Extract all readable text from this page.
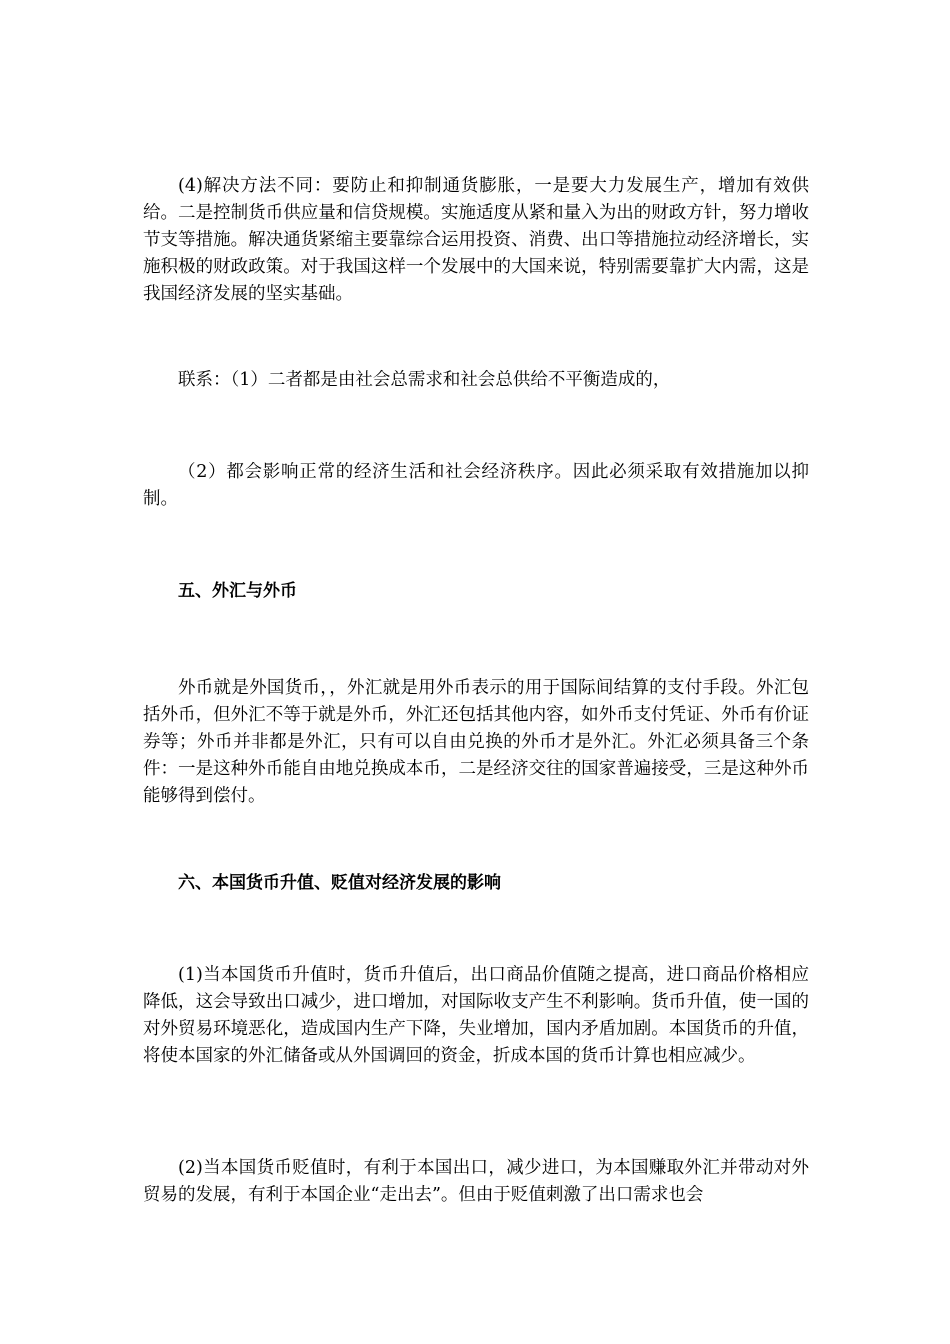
(4)解决方法不同：要防止和抑制通货膨胀，一是要大力发展生产，增加有效供给。二是控制货币供应量和信贷规模。实施适度从紧和量入为出的财政方针，努力增收节支等措施。解决通货紧缩主要靠综合运用投资、消费、出口等措施拉动经济增长，实施积极的财政政策。对于我国这样一个发展中的大国来说，特别需要靠扩大内需，这是我国经济发展的坚实基础。

联系：（1）二者都是由社会总需求和社会总供给不平衡造成的，

（2）都会影响正常的经济生活和社会经济秩序。因此必须采取有效措施加以抑制。

五、外汇与外币

外币就是外国货币，，外汇就是用外币表示的用于国际间结算的支付手段。外汇包括外币，但外汇不等于就是外币，外汇还包括其他内容，如外币支付凭证、外币有价证券等；外币并非都是外汇，只有可以自由兑换的外币才是外汇。外汇必须具备三个条件：一是这种外币能自由地兑换成本币，二是经济交往的国家普遍接受，三是这种外币能够得到偿付。

六、本国货币升值、贬值对经济发展的影响

(1)当本国货币升值时，货币升值后，出口商品价值随之提高，进口商品价格相应降低，这会导致出口减少，进口增加，对国际收支产生不利影响。货币升值，使一国的对外贸易环境恶化，造成国内生产下降，失业增加，国内矛盾加剧。本国货币的升值，将使本国家的外汇储备或从外国调回的资金，折成本国的货币计算也相应减少。

(2)当本国货币贬值时，有利于本国出口，减少进口，为本国赚取外汇并带动对外贸易的发展，有利于本国企业“走出去”。但由于贬值刺激了出口需求也会
